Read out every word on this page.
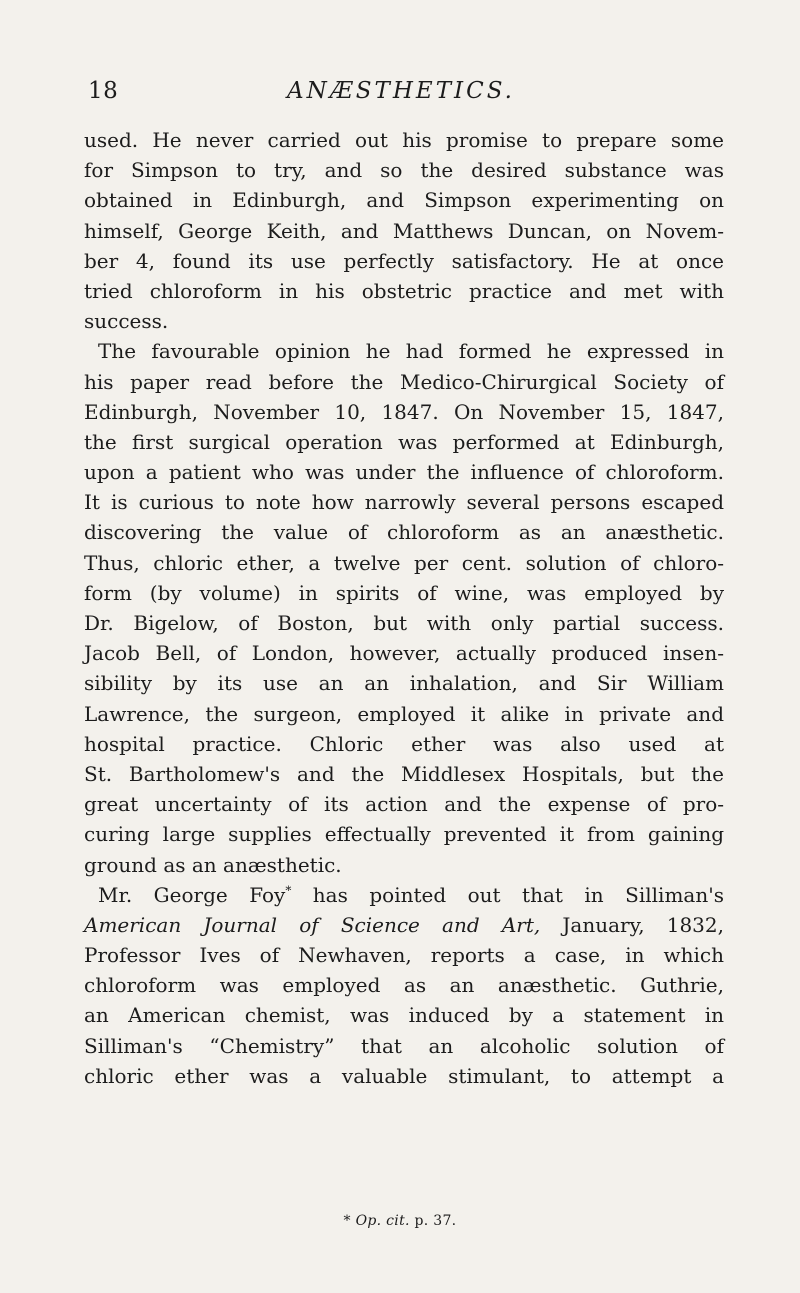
18	ANÆSTHETICS.
used. He never carried out his promise to prepare some
for Simpson to try, and so the desired substance was
obtained in Edinburgh, and Simpson experimenting on
himself, George Keith, and Matthews Duncan, on Novem-
ber 4, found its use perfectly satisfactory. He at once
tried chloroform in his obstetric practice and met with
success.
The favourable opinion he had formed he expressed in
his paper read before the Medico-Chirurgical Society of
Edinburgh, November 10, 1847. On November 15, 1847,
the first surgical operation was performed at Edinburgh,
upon a patient who was under the influence of chloroform.
It is curious to note how narrowly several persons escaped
discovering the value of chloroform as an anæsthetic.
Thus, chloric ether, a twelve per cent. solution of chloro-
form (by volume) in spirits of wine, was employed by
Dr. Bigelow, of Boston, but with only partial success.
Jacob Bell, of London, however, actually produced insen-
sibility by its use an an inhalation, and Sir William
Lawrence, the surgeon, employed it alike in private and
hospital practice. Chloric ether was also used at
St. Bartholomew's and the Middlesex Hospitals, but the
great uncertainty of its action and the expense of pro-
curing large supplies effectually prevented it from gaining
ground as an anæsthetic.
Mr. George Foy* has pointed out that in Silliman's
American Journal of Science and Art, January, 1832,
Professor Ives of Newhaven, reports a case, in which
chloroform was employed as an anæsthetic. Guthrie,
an American chemist, was induced by a statement in
Silliman's “Chemistry” that an alcoholic solution of
chloric ether was a valuable stimulant, to attempt a
* Op. cit. p. 37.
